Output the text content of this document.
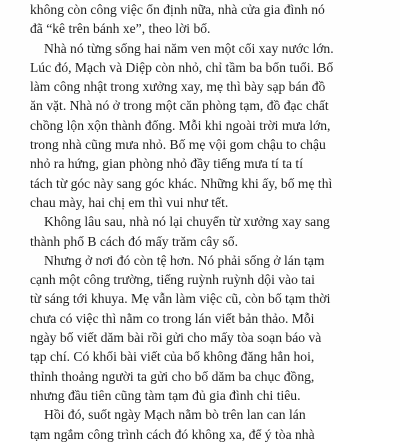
không còn công việc ổn định nữa, nhà cửa gia đình nó
đã “kê trên bánh xe”, theo lời bố.
Nhà nó từng sống hai năm ven một cối xay nước lớn.
Lúc đó, Mạch và Diệp còn nhỏ, chỉ tầm ba bốn tuổi. Bố
làm công nhật trong xưởng xay, mẹ thì bày sạp bán đồ
ăn vặt. Nhà nó ở trong một căn phòng tạm, đồ đạc chất
chồng lộn xộn thành đống. Mỗi khi ngoài trời mưa lớn,
trong nhà cũng mưa nhỏ. Bố mẹ vội gom chậu to chậu
nhỏ ra hứng, gian phòng nhỏ đầy tiếng mưa tí ta tí
tách từ góc này sang góc khác. Những khi ấy, bố mẹ thì
chau mày, hai chị em thì vui như tết.
Không lâu sau, nhà nó lại chuyển từ xưởng xay sang
thành phố B cách đó mấy trăm cây số.
Nhưng ở nơi đó còn tệ hơn. Nó phải sống ở lán tạm
cạnh một công trường, tiếng ruỳnh ruỳnh dội vào tai
từ sáng tới khuya. Mẹ vẫn làm việc cũ, còn bố tạm thời
chưa có việc thì nằm co trong lán viết bản thảo. Mỗi
ngày bố viết dăm bài rồi gửi cho mấy tòa soạn báo và
tạp chí. Có khối bài viết của bố không đăng hẳn hoi,
thỉnh thoảng người ta gửi cho bố dăm ba chục đồng,
nhưng đầu tiên cũng tàm tạm đủ gia đình chi tiêu.
Hồi đó, suốt ngày Mạch nằm bò trên lan can lán
tạm ngắm công trình cách đó không xa, để ý tòa nhà
